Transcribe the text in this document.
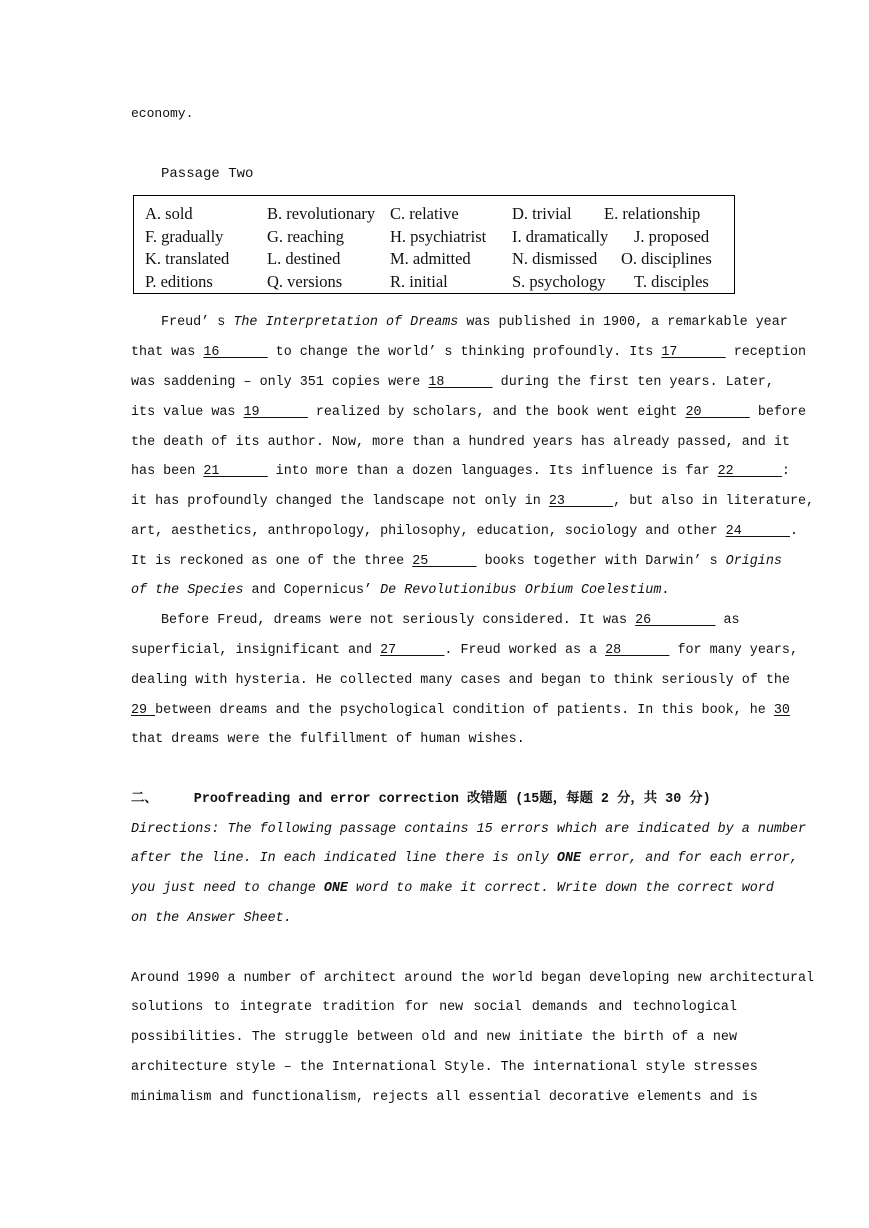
economy.
Passage Two
A. sold	B. revolutionary C. relative	D. trivial E. relationship
F. gradually	G. reaching	H. psychiatrist I. dramatically J. proposed
K. translated L. destined	M. admitted	N. dismissed O. disciplines
P. editions	Q. versions	R. initial	S. psychology T. disciples
Freud’ s The Interpretation of Dreams was published in 1900, a remarkable year
that was 16       to change the world’ s thinking profoundly. Its 17       reception
was saddening – only 351 copies were 18       during the first ten years. Later,
its value was 19       realized by scholars, and the book went eight 20       before
the death of its author. Now, more than a hundred years has already passed, and it
has been 21       into more than a dozen languages. Its influence is far 22      :
it has profoundly changed the landscape not only in 23      , but also in literature,
art, aesthetics, anthropology, philosophy, education, sociology and other 24      .
It is reckoned as one of the three 25       books together with Darwin’ s Origins
of the Species and Copernicus’ De Revolutionibus Orbium Coelestium.
Before Freud, dreams were not seriously considered. It was 26         as
superficial, insignificant and 27      . Freud worked as a 28       for many years,
dealing with hysteria. He collected many cases and began to think seriously of the
29 between dreams and the psychological condition of patients. In this book, he 30
that dreams were the fulfillment of human wishes.
二、	Proofreading and error correction 改错题 (15题，每题 2 分，共 30 分)
Directions: The following passage contains 15 errors which are indicated by a number
after the line. In each indicated line there is only ONE error, and for each error,
you just need to change ONE word to make it correct. Write down the correct word
on the Answer Sheet.
Around 1990 a number of architect around the world began developing new architectural
solutions to integrate tradition for new social demands and technological
possibilities. The struggle between old and new initiate the birth of a new
architecture style – the International Style. The international style stresses
minimalism and functionalism, rejects all essential decorative elements and is
